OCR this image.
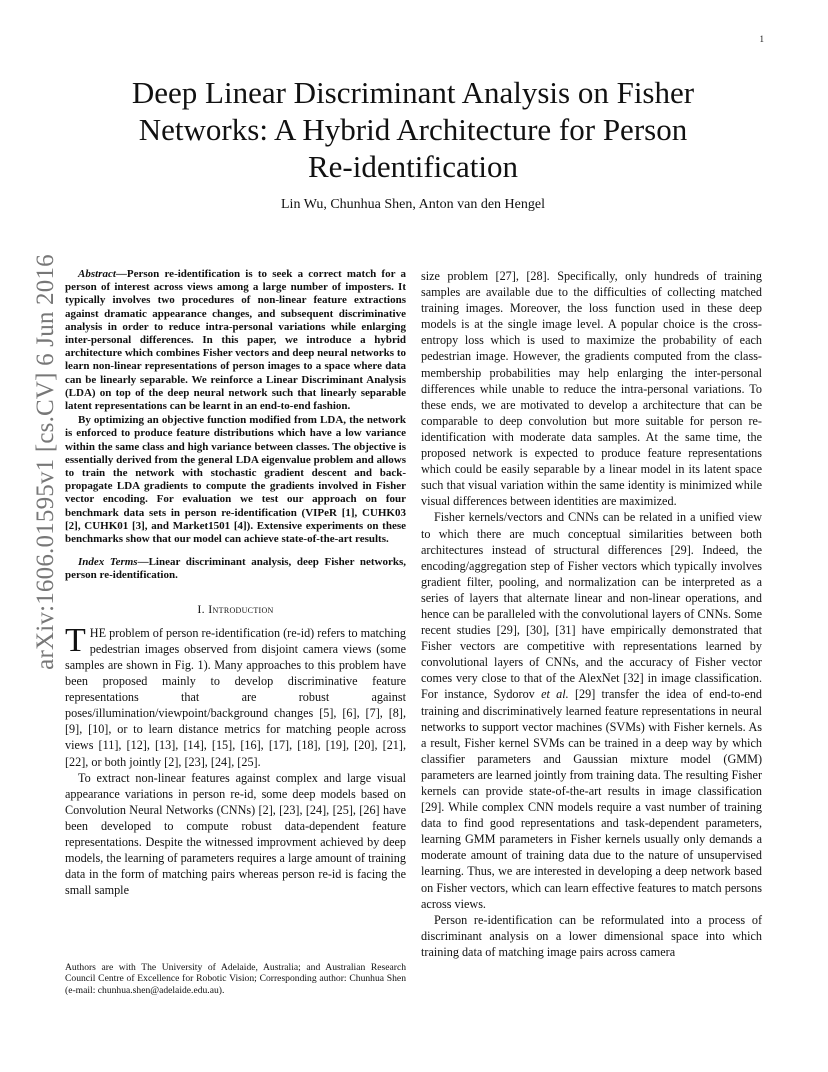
1
arXiv:1606.01595v1 [cs.CV] 6 Jun 2016
Deep Linear Discriminant Analysis on Fisher
Networks: A Hybrid Architecture for Person
Re-identification
Lin Wu, Chunhua Shen, Anton van den Hengel

Abstract—Person re-identification is to seek a correct match for a person of interest across views among a large number of imposters. It typically involves two procedures of non-linear feature extractions against dramatic appearance changes, and subsequent discriminative analysis in order to reduce intra-personal variations while enlarging inter-personal differences. In this paper, we introduce a hybrid architecture which combines Fisher vectors and deep neural networks to learn non-linear representations of person images to a space where data can be linearly separable. We reinforce a Linear Discriminant Analysis (LDA) on top of the deep neural network such that linearly separable latent representations can be learnt in an end-to-end fashion.

By optimizing an objective function modified from LDA, the network is enforced to produce feature distributions which have a low variance within the same class and high variance between classes. The objective is essentially derived from the general LDA eigenvalue problem and allows to train the network with stochastic gradient descent and back-propagate LDA gradients to compute the gradients involved in Fisher vector encoding. For evaluation we test our approach on four benchmark data sets in person re-identification (VIPeR [1], CUHK03 [2], CUHK01 [3], and Market1501 [4]). Extensive experiments on these benchmarks show that our model can achieve state-of-the-art results.

Index Terms—Linear discriminant analysis, deep Fisher networks, person re-identification.

I. Introduction

THE problem of person re-identification (re-id) refers to matching pedestrian images observed from disjoint camera views (some samples are shown in Fig. 1). Many approaches to this problem have been proposed mainly to develop discriminative feature representations that are robust against poses/illumination/viewpoint/background changes [5], [6], [7], [8], [9], [10], or to learn distance metrics for matching people across views [11], [12], [13], [14], [15], [16], [17], [18], [19], [20], [21], [22], or both jointly [2], [23], [24], [25].

To extract non-linear features against complex and large visual appearance variations in person re-id, some deep models based on Convolution Neural Networks (CNNs) [2], [23], [24], [25], [26] have been developed to compute robust data-dependent feature representations. Despite the witnessed improvment achieved by deep models, the learning of parameters requires a large amount of training data in the form of matching pairs whereas person re-id is facing the small sample

size problem [27], [28]. Specifically, only hundreds of training samples are available due to the difficulties of collecting matched training images. Moreover, the loss function used in these deep models is at the single image level. A popular choice is the cross-entropy loss which is used to maximize the probability of each pedestrian image. However, the gradients computed from the class-membership probabilities may help enlarging the inter-personal differences while unable to reduce the intra-personal variations. To these ends, we are motivated to develop a architecture that can be comparable to deep convolution but more suitable for person re-identification with moderate data samples. At the same time, the proposed network is expected to produce feature representations which could be easily separable by a linear model in its latent space such that visual variation within the same identity is minimized while visual differences between identities are maximized.

Fisher kernels/vectors and CNNs can be related in a unified view to which there are much conceptual similarities between both architectures instead of structural differences [29]. Indeed, the encoding/aggregation step of Fisher vectors which typically involves gradient filter, pooling, and normalization can be interpreted as a series of layers that alternate linear and non-linear operations, and hence can be paralleled with the convolutional layers of CNNs. Some recent studies [29], [30], [31] have empirically demonstrated that Fisher vectors are competitive with representations learned by convolutional layers of CNNs, and the accuracy of Fisher vector comes very close to that of the AlexNet [32] in image classification. For instance, Sydorov et al. [29] transfer the idea of end-to-end training and discriminatively learned feature representations in neural networks to support vector machines (SVMs) with Fisher kernels. As a result, Fisher kernel SVMs can be trained in a deep way by which classifier parameters and Gaussian mixture model (GMM) parameters are learned jointly from training data. The resulting Fisher kernels can provide state-of-the-art results in image classification [29]. While complex CNN models require a vast number of training data to find good representations and task-dependent parameters, learning GMM parameters in Fisher kernels usually only demands a moderate amount of training data due to the nature of unsupervised learning. Thus, we are interested in developing a deep network based on Fisher vectors, which can learn effective features to match persons across views.

Person re-identification can be reformulated into a process of discriminant analysis on a lower dimensional space into which training data of matching image pairs across camera

Authors are with The University of Adelaide, Australia; and Australian Research Council Centre of Excellence for Robotic Vision; Corresponding author: Chunhua Shen (e-mail: chunhua.shen@adelaide.edu.au).
